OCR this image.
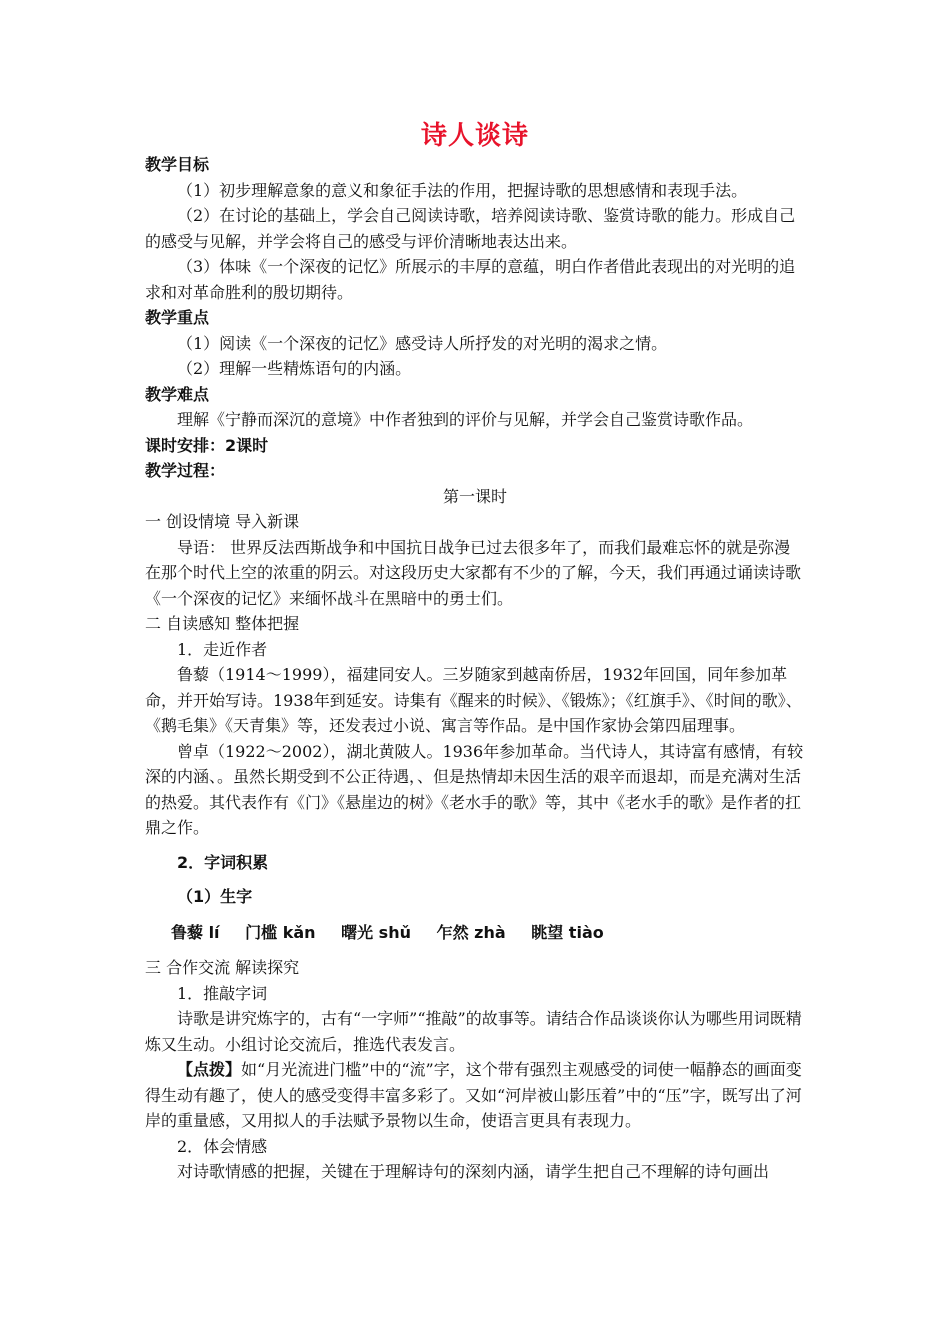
诗人谈诗

教学目标

（1）初步理解意象的意义和象征手法的作用，把握诗歌的思想感情和表现手法。

（2）在讨论的基础上，学会自己阅读诗歌，培养阅读诗歌、鉴赏诗歌的能力。形成自己的感受与见解，并学会将自己的感受与评价清晰地表达出来。

（3）体味《一个深夜的记忆》所展示的丰厚的意蕴，明白作者借此表现出的对光明的追求和对革命胜利的殷切期待。

教学重点

（1）阅读《一个深夜的记忆》感受诗人所抒发的对光明的渴求之情。

（2）理解一些精炼语句的内涵。

教学难点

理解《宁静而深沉的意境》中作者独到的评价与见解，并学会自己鉴赏诗歌作品。

课时安排：2课时

教学过程：

第一课时

一 创设情境 导入新课

导语： 世界反法西斯战争和中国抗日战争已过去很多年了，而我们最难忘怀的就是弥漫在那个时代上空的浓重的阴云。对这段历史大家都有不少的了解，今天，我们再通过诵读诗歌《一个深夜的记忆》来缅怀战斗在黑暗中的勇士们。

二 自读感知 整体把握

1．走近作者

鲁藜（1914～1999），福建同安人。三岁随家到越南侨居，1932年回国，同年参加革命，并开始写诗。1938年到延安。诗集有《醒来的时候》、《锻炼》；《红旗手》、《时间的歌》、《鹅毛集》《天青集》等，还发表过小说、寓言等作品。是中国作家协会第四届理事。

曾卓（1922～2002），湖北黄陂人。1936年参加革命。当代诗人，其诗富有感情，有较深的内涵、。虽然长期受到不公正待遇，、但是热情却未因生活的艰辛而退却，而是充满对生活的热爱。其代表作有《门》《悬崖边的树》《老水手的歌》等，其中《老水手的歌》是作者的扛鼎之作。

2．字词积累

（1）生字

鲁藜 lí 门槛 kǎn 曙光 shǔ 乍然 zhà 眺望 tiào

三 合作交流 解读探究

1．推敲字词

诗歌是讲究炼字的，古有“一字师”“推敲”的故事等。请结合作品谈谈你认为哪些用词既精炼又生动。小组讨论交流后，推选代表发言。

【点拨】如“月光流进门槛”中的“流”字，这个带有强烈主观感受的词使一幅静态的画面变得生动有趣了，使人的感受变得丰富多彩了。又如“河岸被山影压着”中的“压”字，既写出了河岸的重量感，又用拟人的手法赋予景物以生命，使语言更具有表现力。

2．体会情感

对诗歌情感的把握，关键在于理解诗句的深刻内涵，请学生把自己不理解的诗句画出
